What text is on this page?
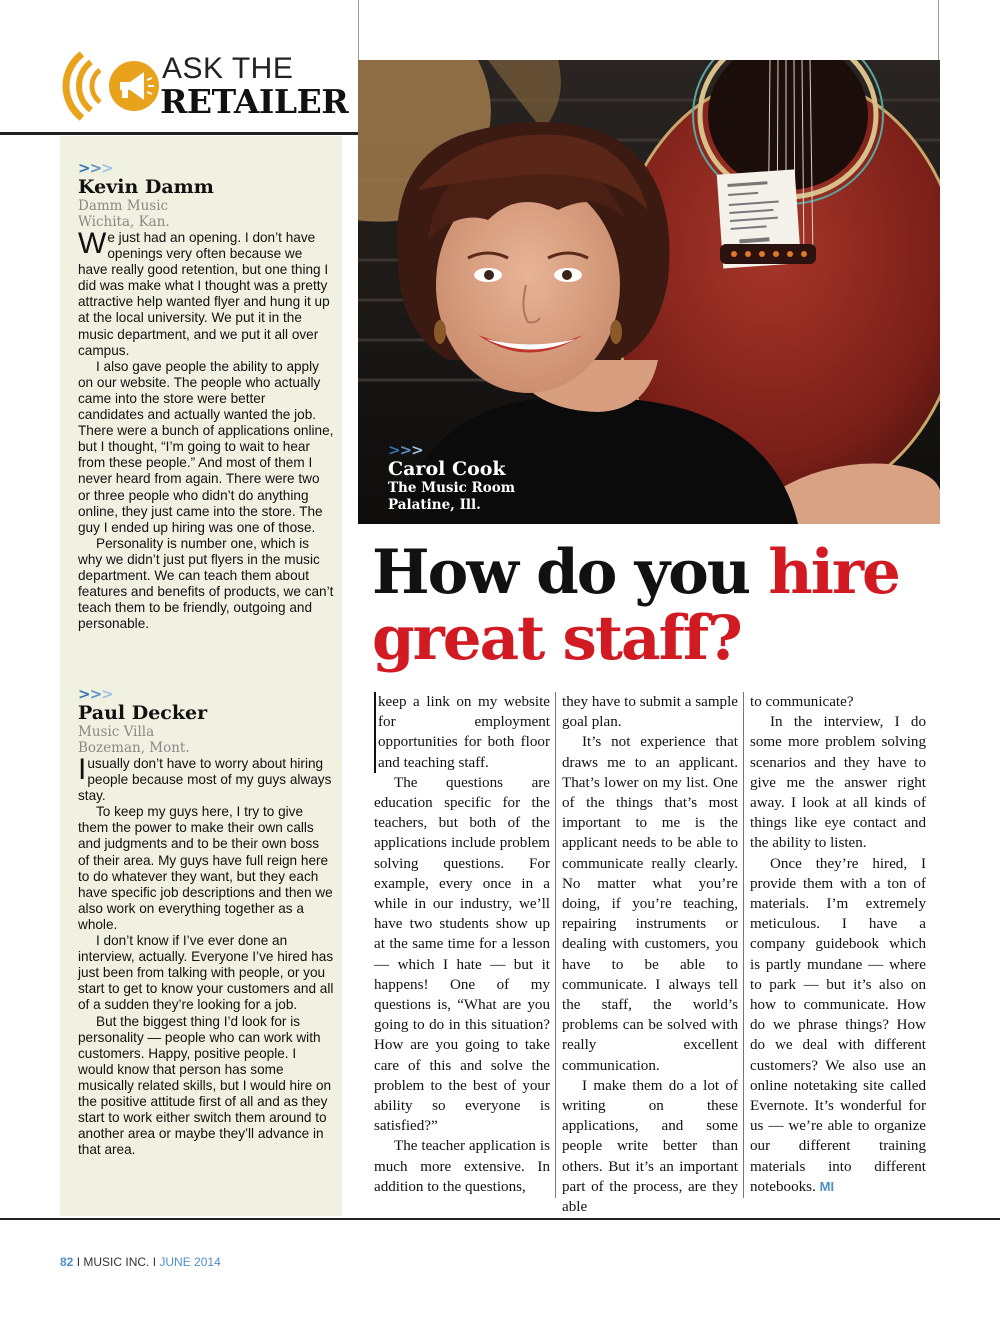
ASK THE
RETAILER
>>>
Kevin Damm
Damm Music
Wichita, Kan.

We just had an opening. I don’t have openings very often because we have really good retention, but one thing I did was make what I thought was a pretty attractive help wanted flyer and hung it up at the local university. We put it in the music department, and we put it all over campus.

I also gave people the ability to apply on our website. The people who actually came into the store were better candidates and actually wanted the job. There were a bunch of applications online, but I thought, “I’m going to wait to hear from these people.” And most of them I never heard from again. There were two or three people who didn’t do anything online, they just came into the store. The guy I ended up hiring was one of those.

Personality is number one, which is why we didn’t just put flyers in the music department. We can teach them about features and benefits of products, we can’t teach them to be friendly, outgoing and personable.

>>>
Paul Decker
Music Villa
Bozeman, Mont.

I usually don’t have to worry about hiring people because most of my guys always stay.

To keep my guys here, I try to give them the power to make their own calls and judgments and to be their own boss of their area. My guys have full reign here to do whatever they want, but they each have specific job descriptions and then we also work on everything together as a whole.

I don’t know if I’ve ever done an interview, actually. Everyone I’ve hired has just been from talking with people, or you start to get to know your customers and all of a sudden they’re looking for a job.

But the biggest thing I’d look for is personality — people who can work with customers. Happy, positive people. I would know that person has some musically related skills, but I would hire on the positive attitude first of all and as they start to work either switch them around to another area or maybe they’ll advance in that area.

>>>
Carol Cook
The Music Room
Palatine, Ill.
How do you hire great staff?

keep a link on my website for employment opportunities for both floor and teaching staff.

The questions are education specific for the teachers, but both of the applications include problem solving questions. For example, every once in a while in our industry, we’ll have two students show up at the same time for a lesson — which I hate — but it happens! One of my questions is, “What are you going to do in this situation? How are you going to take care of this and solve the problem to the best of your ability so everyone is satisfied?”

The teacher application is much more extensive. In addition to the questions,

they have to submit a sample goal plan.

It’s not experience that draws me to an applicant. That’s lower on my list. One of the things that’s most important to me is the applicant needs to be able to communicate really clearly. No matter what you’re doing, if you’re teaching, repairing instruments or dealing with customers, you have to be able to communicate. I always tell the staff, the world’s problems can be solved with really excellent communication.

I make them do a lot of writing on these applications, and some people write better than others. But it’s an important part of the process, are they able

to communicate?

In the interview, I do some more problem solving scenarios and they have to give me the answer right away. I look at all kinds of things like eye contact and the ability to listen.

Once they’re hired, I provide them with a ton of materials. I’m extremely meticulous. I have a company guidebook which is partly mundane — where to park — but it’s also on how to communicate. How do we phrase things? How do we deal with different customers? We also use an online notetaking site called Evernote. It’s wonderful for us — we’re able to organize our different training materials into different notebooks. MI

82 I MUSIC INC. I JUNE 2014
